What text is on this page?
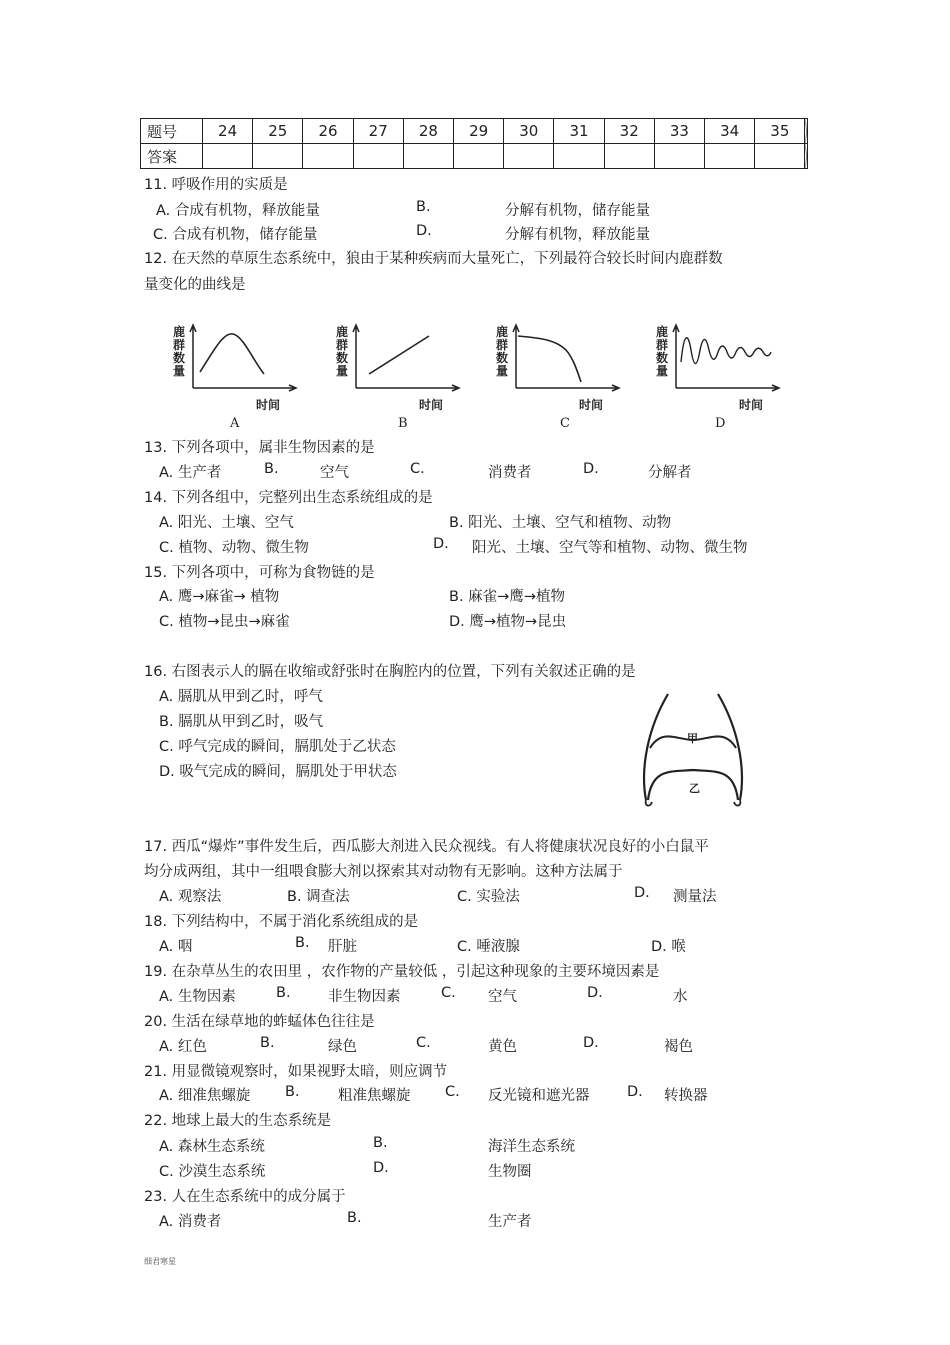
题号	24	25	26	27	28	29	30	31	32	33	34	35	
答案													
11. 呼吸作用的实质是
A. 合成有机物，释放能量	B.	分解有机物，储存能量
C. 合成有机物，储存能量	D.	分解有机物，释放能量
12. 在天然的草原生态系统中，狼由于某种疾病而大量死亡，下列最符合较长时间内鹿群数
量变化的曲线是
鹿
群
数
量
时间
A
鹿
群
数
量
时间
B
鹿
群
数
量
时间
C
鹿
群
数
量
时间
D
13. 下列各项中，属非生物因素的是
A. 生产者	B.	空气	C.	消费者	D.	分解者
14. 下列各组中，完整列出生态系统组成的是
A. 阳光、土壤、空气	B. 阳光、土壤、空气和植物、动物
C. 植物、动物、微生物	D. 阳光、土壤、空气等和植物、动物、微生物
15. 下列各项中，可称为食物链的是
A. 鹰→麻雀→ 植物	B. 麻雀→鹰→植物
C. 植物→昆虫→麻雀	D. 鹰→植物→昆虫
16. 右图表示人的膈在收缩或舒张时在胸腔内的位置，下列有关叙述正确的是
A. 膈肌从甲到乙时，呼气
B. 膈肌从甲到乙时，吸气
C. 呼气完成的瞬间，膈肌处于乙状态
D. 吸气完成的瞬间，膈肌处于甲状态
甲
乙
17. 西瓜“爆炸”事件发生后，西瓜膨大剂进入民众视线。有人将健康状况良好的小白鼠平
均分成两组，其中一组喂食膨大剂以探索其对动物有无影响。这种方法属于
A. 观察法	B. 调查法	C. 实验法	D. 测量法
18. 下列结构中，不属于消化系统组成的是
A. 咽	B. 肝脏	C. 唾液腺	D. 喉
19. 在杂草丛生的农田里 ，农作物的产量较低 ，引起这种现象的主要环境因素是
A. 生物因素	B.	非生物因素	C. 空气	D.	水
20. 生活在绿草地的蚱蜢体色往往是
A. 红色	B.	绿色	C.	黄色	D.	褐色
21. 用显微镜观察时，如果视野太暗，则应调节
A. 细准焦螺旋 B.	粗准焦螺旋 C. 反光镜和遮光器	D. 转换器
22. 地球上最大的生态系统是
A. 森林生态系统	B.	海洋生态系统
C. 沙漠生态系统	D.	生物圈
23. 人在生态系统中的成分属于
A. 消费者	B.	生产者
细君寒星
